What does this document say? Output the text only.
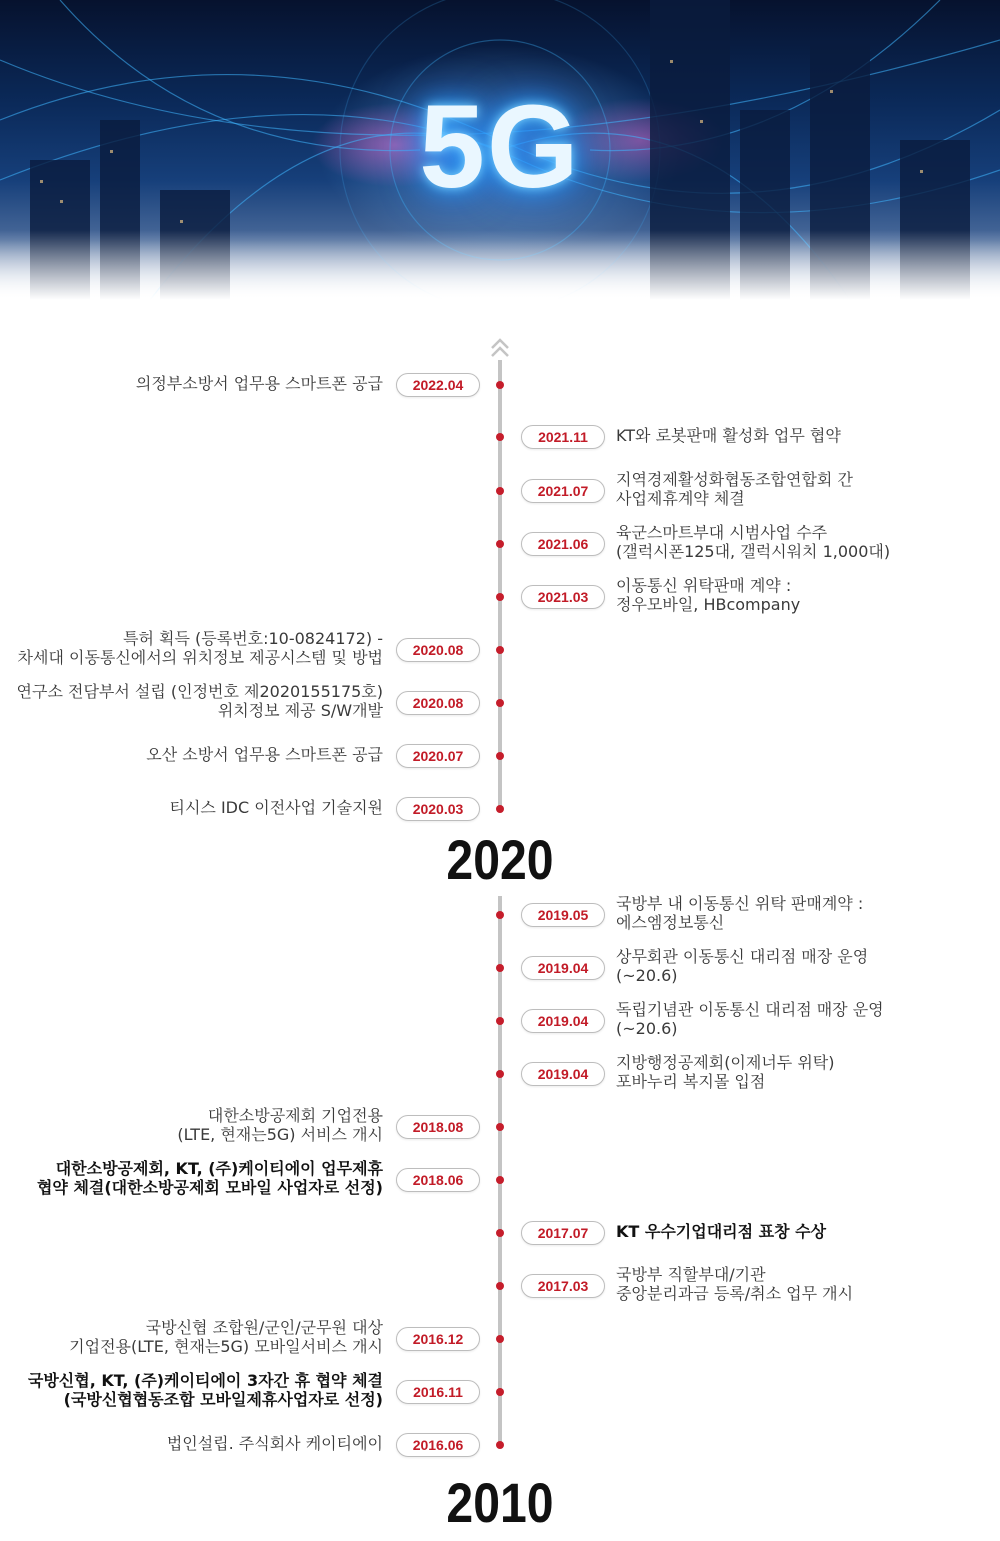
5G
2020
2010
2022.04
의정부소방서 업무용 스마트폰 공급
2021.11	KT와 로봇판매 활성화 업무 협약
2021.07
지역경제활성화협동조합연합회 간
사업제휴계약 체결
2021.06
육군스마트부대 시범사업 수주
(갤럭시폰125대, 갤럭시워치 1,000대)
2021.03
이동통신 위탁판매 계약 :
정우모바일, HBcompany
2020.08
특허 획득 (등록번호:10-0824172) -
차세대 이동통신에서의 위치정보 제공시스템 및 방법
2020.08
연구소 전담부서 설립 (인정번호 제2020155175호)
위치정보 제공 S/W개발
2020.07
오산 소방서 업무용 스마트폰 공급
2020.03
티시스 IDC 이전사업 기술지원
2019.05
국방부 내 이동통신 위탁 판매계약 :
에스엠정보통신
2019.04
상무회관 이동통신 대리점 매장 운영
(~20.6)
2019.04
독립기념관 이동통신 대리점 매장 운영
(~20.6)
2019.04
지방행정공제회(이제너두 위탁)
포바누리 복지몰 입점
2018.08
대한소방공제회 기업전용
(LTE, 현재는5G) 서비스 개시
2018.06
대한소방공제회, KT, (주)케이티에이 업무제휴
협약 체결(대한소방공제회 모바일 사업자로 선정)
2017.07	KT 우수기업대리점 표창 수상
2017.03
국방부 직할부대/기관
중앙분리과금 등록/취소 업무 개시
2016.12
국방신협 조합원/군인/군무원 대상
기업전용(LTE, 현재는5G) 모바일서비스 개시
2016.11
국방신협, KT, (주)케이티에이 3자간 휴 협약 체결
(국방신협협동조합 모바일제휴사업자로 선정)
2016.06
법인설립. 주식회사 케이티에이
